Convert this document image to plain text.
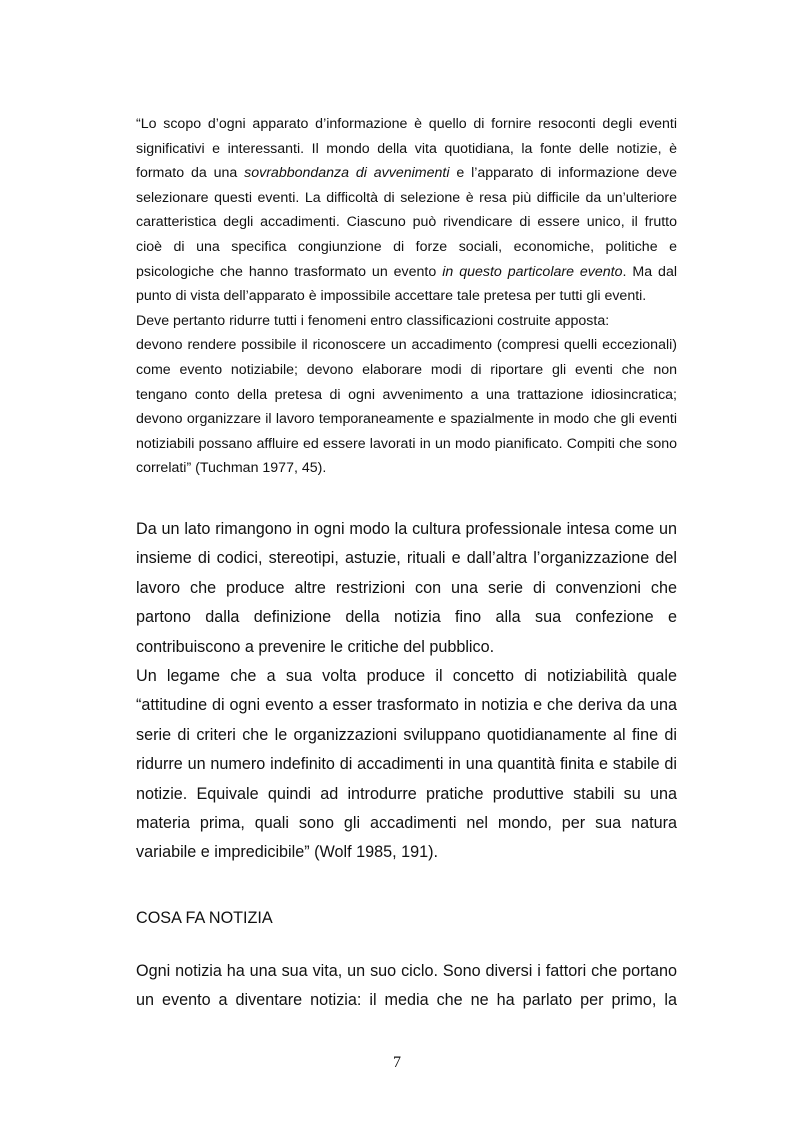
“Lo scopo d’ogni apparato d’informazione è quello di fornire resoconti degli eventi significativi e interessanti. Il mondo della vita quotidiana, la fonte delle notizie, è formato da una sovrabbondanza di avvenimenti e l’apparato di informazione deve selezionare questi eventi. La difficoltà di selezione è resa più difficile da un’ulteriore caratteristica degli accadimenti. Ciascuno può rivendicare di essere unico, il frutto cioè di una specifica congiunzione di forze sociali, economiche, politiche e psicologiche che hanno trasformato un evento in questo particolare evento. Ma dal punto di vista dell’apparato è impossibile accettare tale pretesa per tutti gli eventi.

Deve pertanto ridurre tutti i fenomeni entro classificazioni costruite apposta:

devono rendere possibile il riconoscere un accadimento (compresi quelli eccezionali) come evento notiziabile; devono elaborare modi di riportare gli eventi che non tengano conto della pretesa di ogni avvenimento a una trattazione idiosincratica; devono organizzare il lavoro temporaneamente e spazialmente in modo che gli eventi notiziabili possano affluire ed essere lavorati in un modo pianificato. Compiti che sono correlati” (Tuchman 1977, 45).

Da un lato rimangono in ogni modo la cultura professionale intesa come un insieme di codici, stereotipi, astuzie, rituali e dall’altra l’organizzazione del lavoro che produce altre restrizioni con una serie di convenzioni che partono dalla definizione della notizia fino alla sua confezione e contribuiscono a prevenire le critiche del pubblico.

Un legame che a sua volta produce il concetto di notiziabilità quale “attitudine di ogni evento a esser trasformato in notizia e che deriva da una serie di criteri che le organizzazioni sviluppano quotidianamente al fine di ridurre un numero indefinito di accadimenti in una quantità finita e stabile di notizie. Equivale quindi ad introdurre pratiche produttive stabili su una materia prima, quali sono gli accadimenti nel mondo, per sua natura variabile e impredicibile” (Wolf 1985, 191).

COSA FA NOTIZIA

Ogni notizia ha una sua vita, un suo ciclo. Sono diversi i fattori che portano un evento a diventare notizia: il media che ne ha parlato per primo, la

7
